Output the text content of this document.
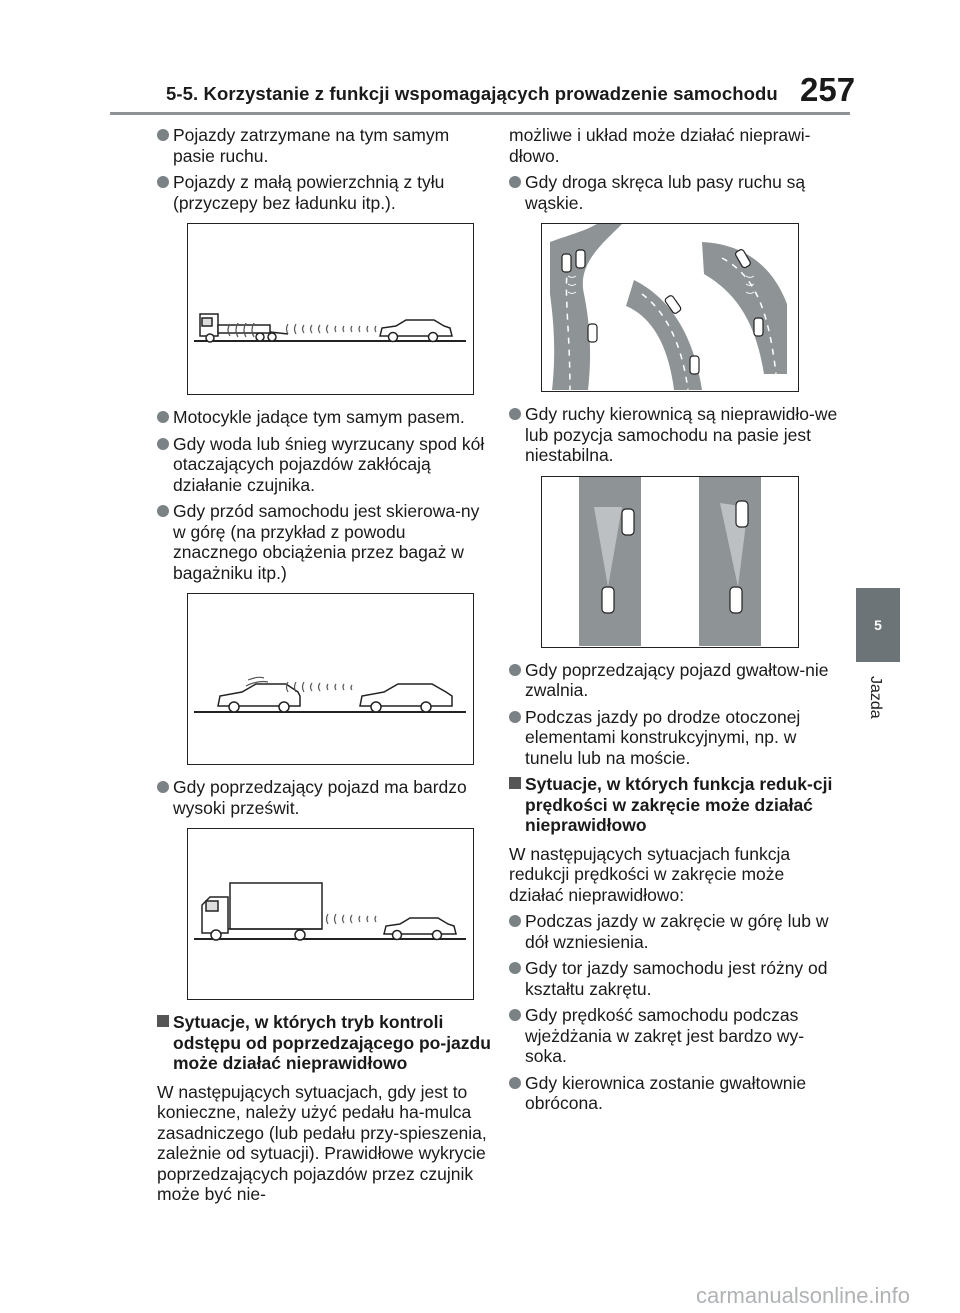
5-5. Korzystanie z funkcji wspomagających prowadzenie samochodu 257
5
Jazda
Pojazdy zatrzymane na tym samym pasie ruchu.
Pojazdy z małą powierzchnią z tyłu (przyczepy bez ładunku itp.).
Motocykle jadące tym samym pasem.
Gdy woda lub śnieg wyrzucany spod kół otaczających pojazdów zakłócają działanie czujnika.
Gdy przód samochodu jest skierowa-ny w górę (na przykład z powodu znacznego obciążenia przez bagaż w bagażniku itp.)
Gdy poprzedzający pojazd ma bardzo wysoki prześwit.
Sytuacje, w których tryb kontroli odstępu od poprzedzającego po-jazdu może działać nieprawidłowo
W następujących sytuacjach, gdy jest to konieczne, należy użyć pedału ha-mulca zasadniczego (lub pedału przy-spieszenia, zależnie od sytuacji). Prawidłowe wykrycie poprzedzających pojazdów przez czujnik może być nie-
możliwe i układ może działać nieprawi-dłowo.
Gdy droga skręca lub pasy ruchu są wąskie.
Gdy ruchy kierownicą są nieprawidło-we lub pozycja samochodu na pasie jest niestabilna.
Gdy poprzedzający pojazd gwałtow-nie zwalnia.
Podczas jazdy po drodze otoczonej elementami konstrukcyjnymi, np. w tunelu lub na moście.
Sytuacje, w których funkcja reduk-cji prędkości w zakręcie może działać nieprawidłowo
W następujących sytuacjach funkcja redukcji prędkości w zakręcie może działać nieprawidłowo:
Podczas jazdy w zakręcie w górę lub w dół wzniesienia.
Gdy tor jazdy samochodu jest różny od kształtu zakrętu.
Gdy prędkość samochodu podczas wjeżdżania w zakręt jest bardzo wy-soka.
Gdy kierownica zostanie gwałtownie obrócona.
carmanualsonline.info
